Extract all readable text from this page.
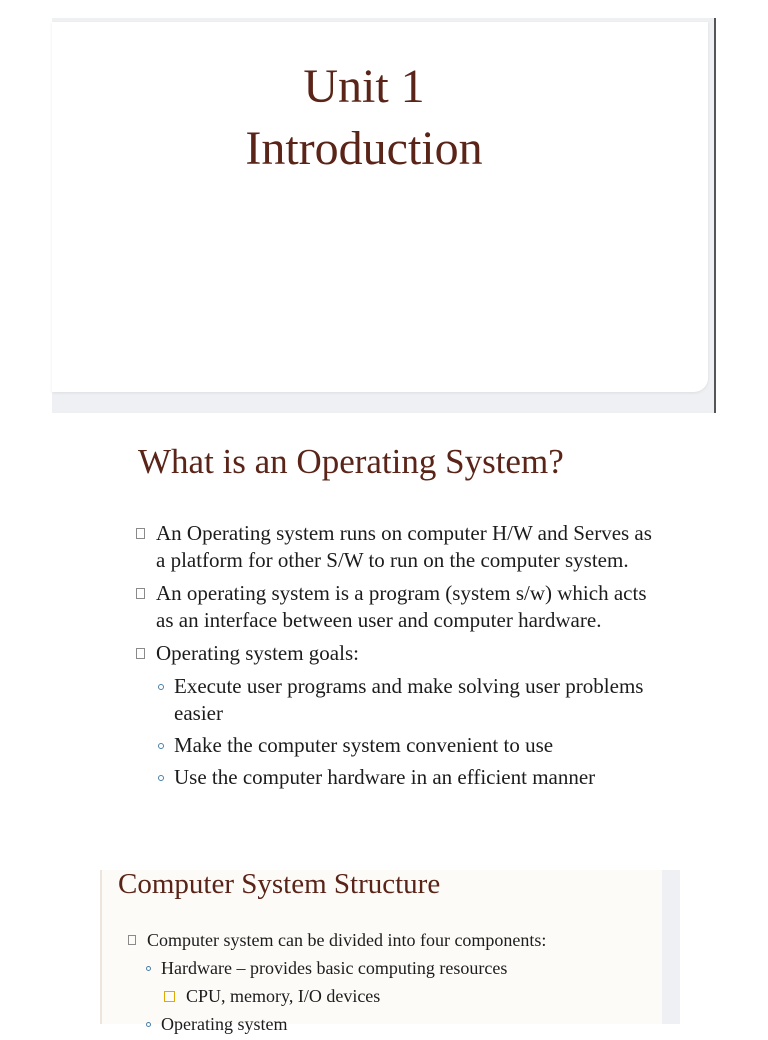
Unit 1
Introduction
What is an Operating System?
An Operating system runs on computer H/W and Serves as a platform for other S/W to run on the computer system.
An operating system is a program (system s/w) which acts as an interface between user and computer hardware.
Operating system goals:
Execute user programs and make solving user problems easier
Make the computer system convenient to use
Use the computer hardware in an efficient manner
Computer System Structure
Computer system can be divided into four components:
Hardware – provides basic computing resources
CPU, memory, I/O devices
Operating system
